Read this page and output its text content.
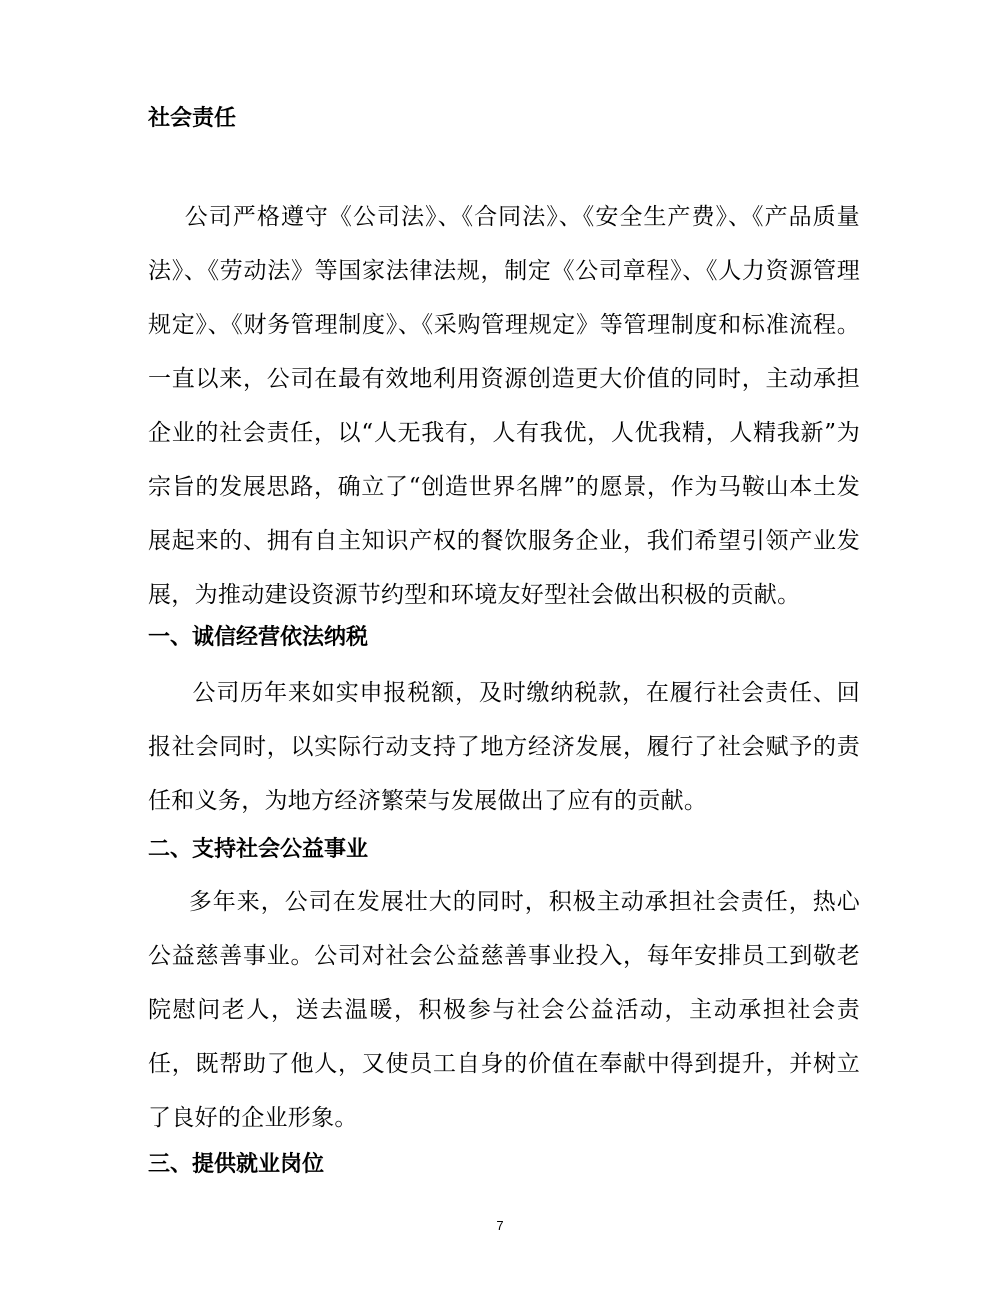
社会责任

公司严格遵守《公司法》、《合同法》、《安全生产费》、《产品质量法》、《劳动法》等国家法律法规，制定《公司章程》、《人力资源管理规定》、《财务管理制度》、《采购管理规定》等管理制度和标准流程。一直以来，公司在最有效地利用资源创造更大价值的同时，主动承担企业的社会责任，以“人无我有，人有我优，人优我精，人精我新”为宗旨的发展思路，确立了“创造世界名牌”的愿景，作为马鞍山本土发展起来的、拥有自主知识产权的餐饮服务企业，我们希望引领产业发展，为推动建设资源节约型和环境友好型社会做出积极的贡献。

一、诚信经营依法纳税

公司历年来如实申报税额，及时缴纳税款，在履行社会责任、回报社会同时，以实际行动支持了地方经济发展，履行了社会赋予的责任和义务，为地方经济繁荣与发展做出了应有的贡献。

二、支持社会公益事业

多年来，公司在发展壮大的同时，积极主动承担社会责任，热心公益慈善事业。公司对社会公益慈善事业投入，每年安排员工到敬老院慰问老人，送去温暖，积极参与社会公益活动，主动承担社会责任，既帮助了他人，又使员工自身的价值在奉献中得到提升，并树立了良好的企业形象。

三、提供就业岗位
7
